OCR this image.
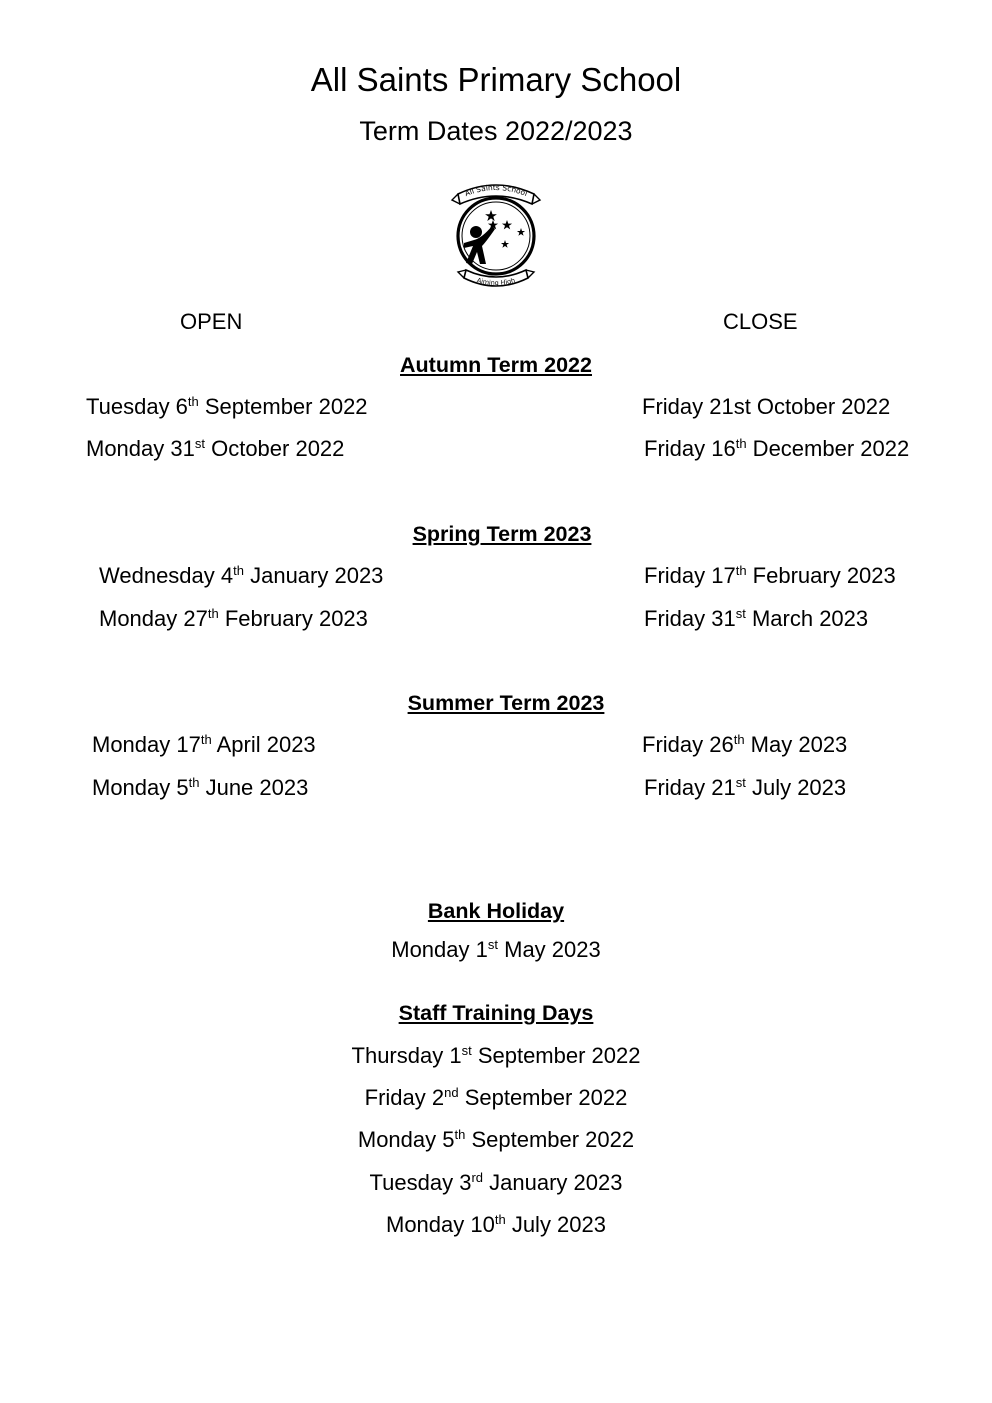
All Saints Primary School
Term Dates 2022/2023
All Saints School
Aiming High
OPEN	CLOSE
Autumn Term 2022
Tuesday 6th September 2022	Friday 21st October 2022
Monday 31st October 2022	Friday 16th December 2022
Spring Term 2023
Wednesday 4th January 2023	Friday 17th February 2023
Monday 27th February 2023	Friday 31st March 2023
Summer Term 2023
Monday 17th April 2023	Friday 26th May 2023
Monday 5th June 2023	Friday 21st July 2023
Bank Holiday
Monday 1st May 2023
Staff Training Days
Thursday 1st September 2022
Friday 2nd September 2022
Monday 5th September 2022
Tuesday 3rd January 2023
Monday 10th July 2023
